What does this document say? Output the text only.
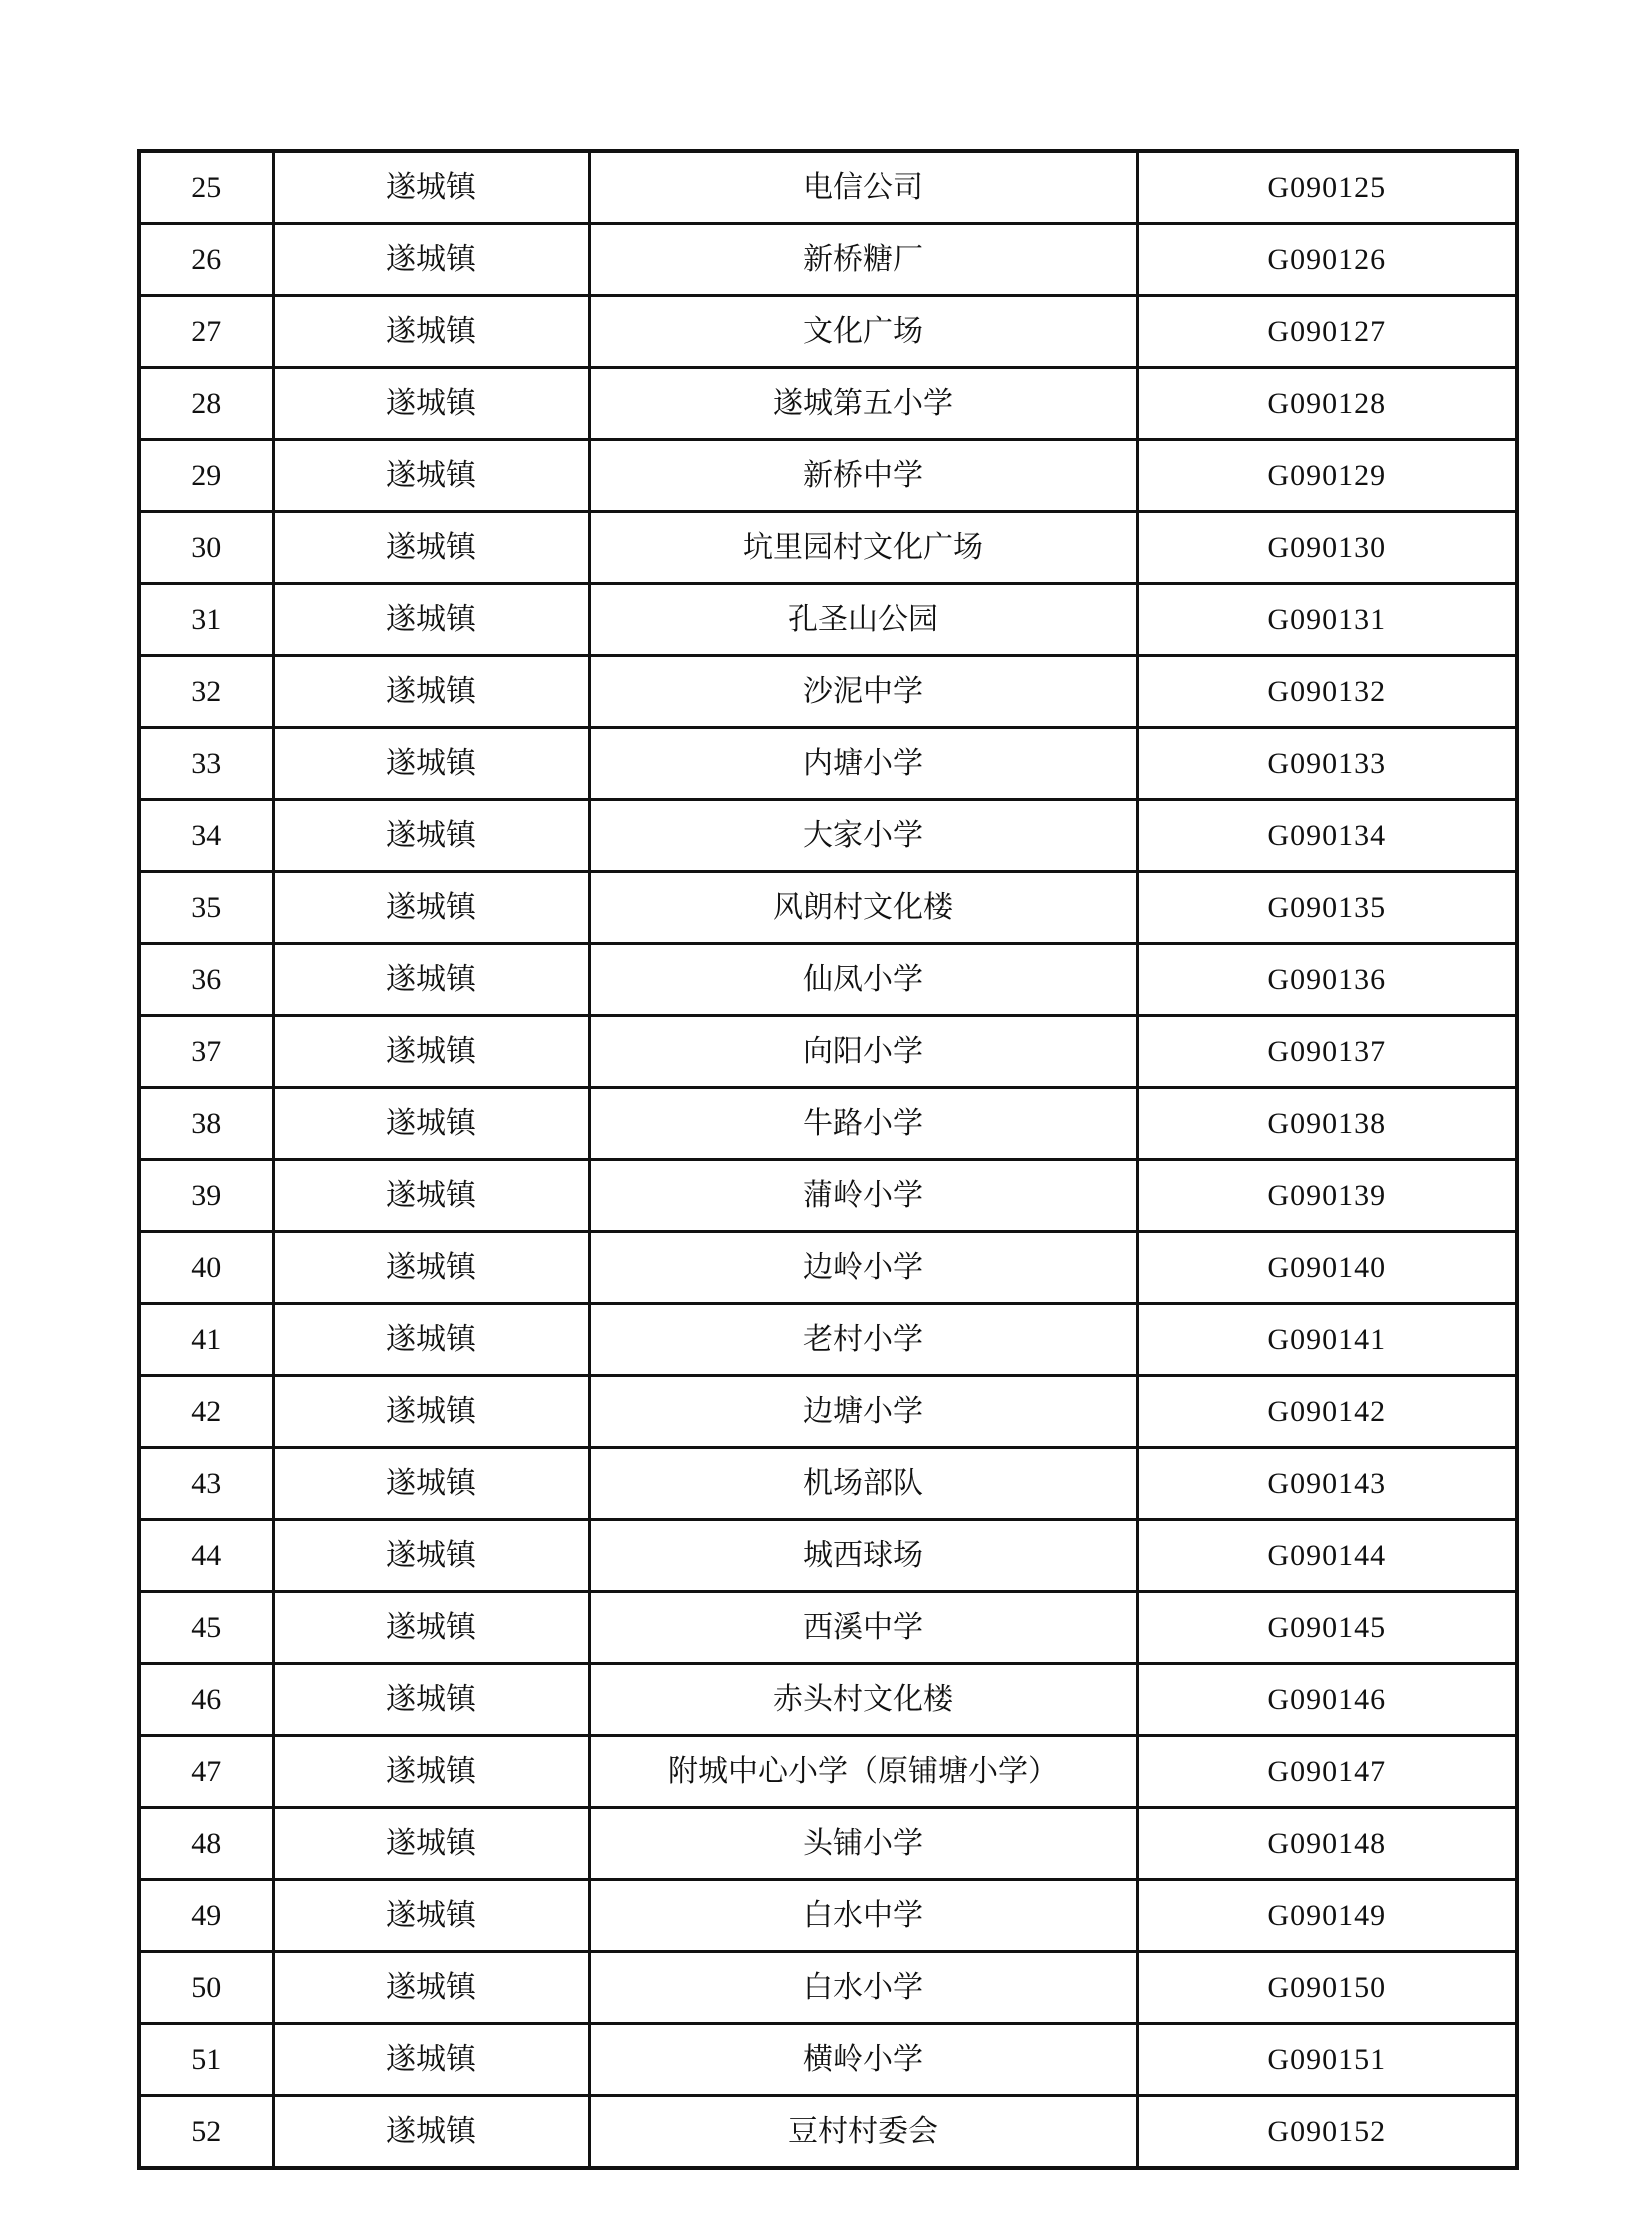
25	遂城镇	电信公司	G090125
26	遂城镇	新桥糖厂	G090126
27	遂城镇	文化广场	G090127
28	遂城镇	遂城第五小学	G090128
29	遂城镇	新桥中学	G090129
30	遂城镇	坑里园村文化广场	G090130
31	遂城镇	孔圣山公园	G090131
32	遂城镇	沙泥中学	G090132
33	遂城镇	内塘小学	G090133
34	遂城镇	大家小学	G090134
35	遂城镇	风朗村文化楼	G090135
36	遂城镇	仙凤小学	G090136
37	遂城镇	向阳小学	G090137
38	遂城镇	牛路小学	G090138
39	遂城镇	蒲岭小学	G090139
40	遂城镇	边岭小学	G090140
41	遂城镇	老村小学	G090141
42	遂城镇	边塘小学	G090142
43	遂城镇	机场部队	G090143
44	遂城镇	城西球场	G090144
45	遂城镇	西溪中学	G090145
46	遂城镇	赤头村文化楼	G090146
47	遂城镇	附城中心小学（原铺塘小学）	G090147
48	遂城镇	头铺小学	G090148
49	遂城镇	白水中学	G090149
50	遂城镇	白水小学	G090150
51	遂城镇	横岭小学	G090151
52	遂城镇	豆村村委会	G090152
